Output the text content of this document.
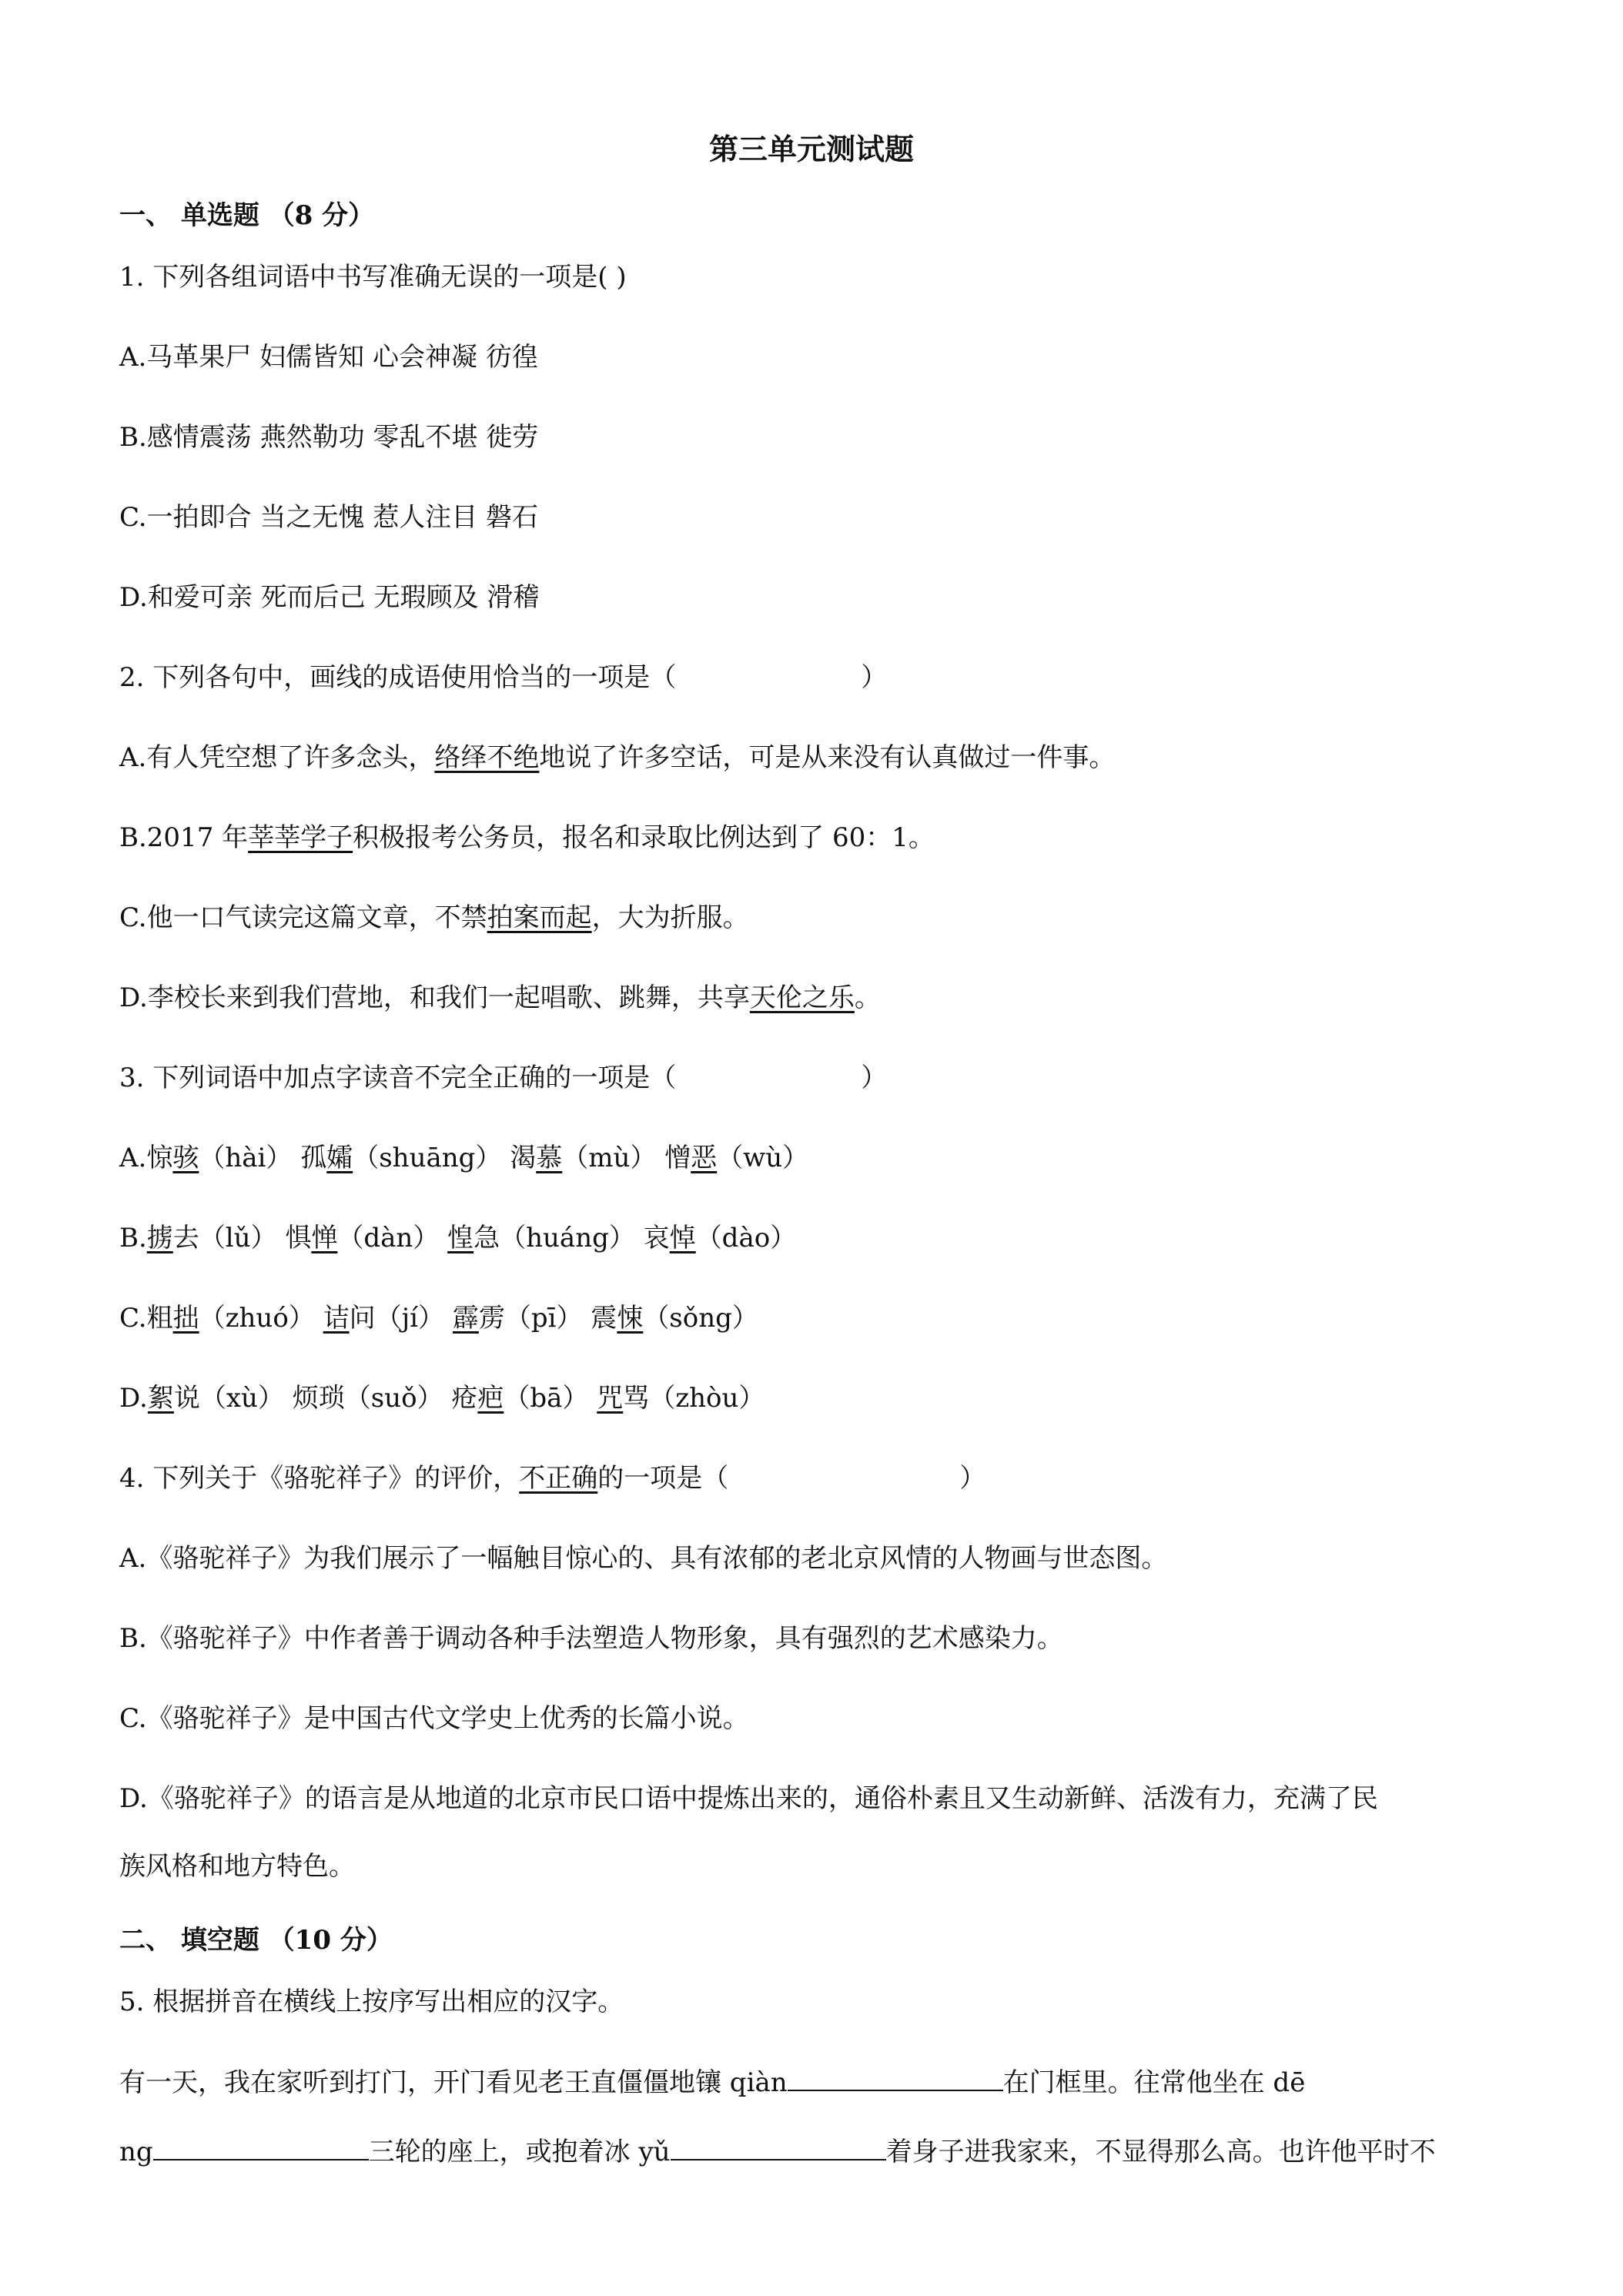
第三单元测试题
一、 单选题 （8 分）
1. 下列各组词语中书写准确无误的一项是( )
A.马革果尸 妇儒皆知 心会神凝 彷徨
B.感情震荡 燕然勒功 零乱不堪 徙劳
C.一拍即合 当之无愧 惹人注目 磐石
D.和爱可亲 死而后己 无瑕顾及 滑稽
2. 下列各句中，画线的成语使用恰当的一项是（	）
A.有人凭空想了许多念头，络绎不绝地说了许多空话，可是从来没有认真做过一件事。
B.2017 年莘莘学子积极报考公务员，报名和录取比例达到了 60：1。
C.他一口气读完这篇文章，不禁拍案而起，大为折服。
D.李校长来到我们营地，和我们一起唱歌、跳舞，共享天伦之乐。
3. 下列词语中加点字读音不完全正确的一项是（	）
A.惊骇（hài） 孤孀（shuāng） 渴慕（mù） 憎恶（wù）
B.掳去（lǔ） 惧惮（dàn） 惶急（huáng） 哀悼（dào）
C.粗拙（zhuó） 诘问（jí） 霹雳（pī） 震悚（sǒng）
D.絮说（xù） 烦琐（suǒ） 疮疤（bā） 咒骂（zhòu）
4. 下列关于《骆驼祥子》的评价，不正确的一项是（	）
A.《骆驼祥子》为我们展示了一幅触目惊心的、具有浓郁的老北京风情的人物画与世态图。
B.《骆驼祥子》中作者善于调动各种手法塑造人物形象，具有强烈的艺术感染力。
C.《骆驼祥子》是中国古代文学史上优秀的长篇小说。
D.《骆驼祥子》的语言是从地道的北京市民口语中提炼出来的，通俗朴素且又生动新鲜、活泼有力，充满了民
族风格和地方特色。
二、 填空题 （10 分）
5. 根据拼音在横线上按序写出相应的汉字。
有一天，我在家听到打门，开门看见老王直僵僵地镶 qiàn	在门框里。往常他坐在 dē
ng	三轮的座上，或抱着冰 yǔ	着身子进我家来，不显得那么高。也许他平时不
